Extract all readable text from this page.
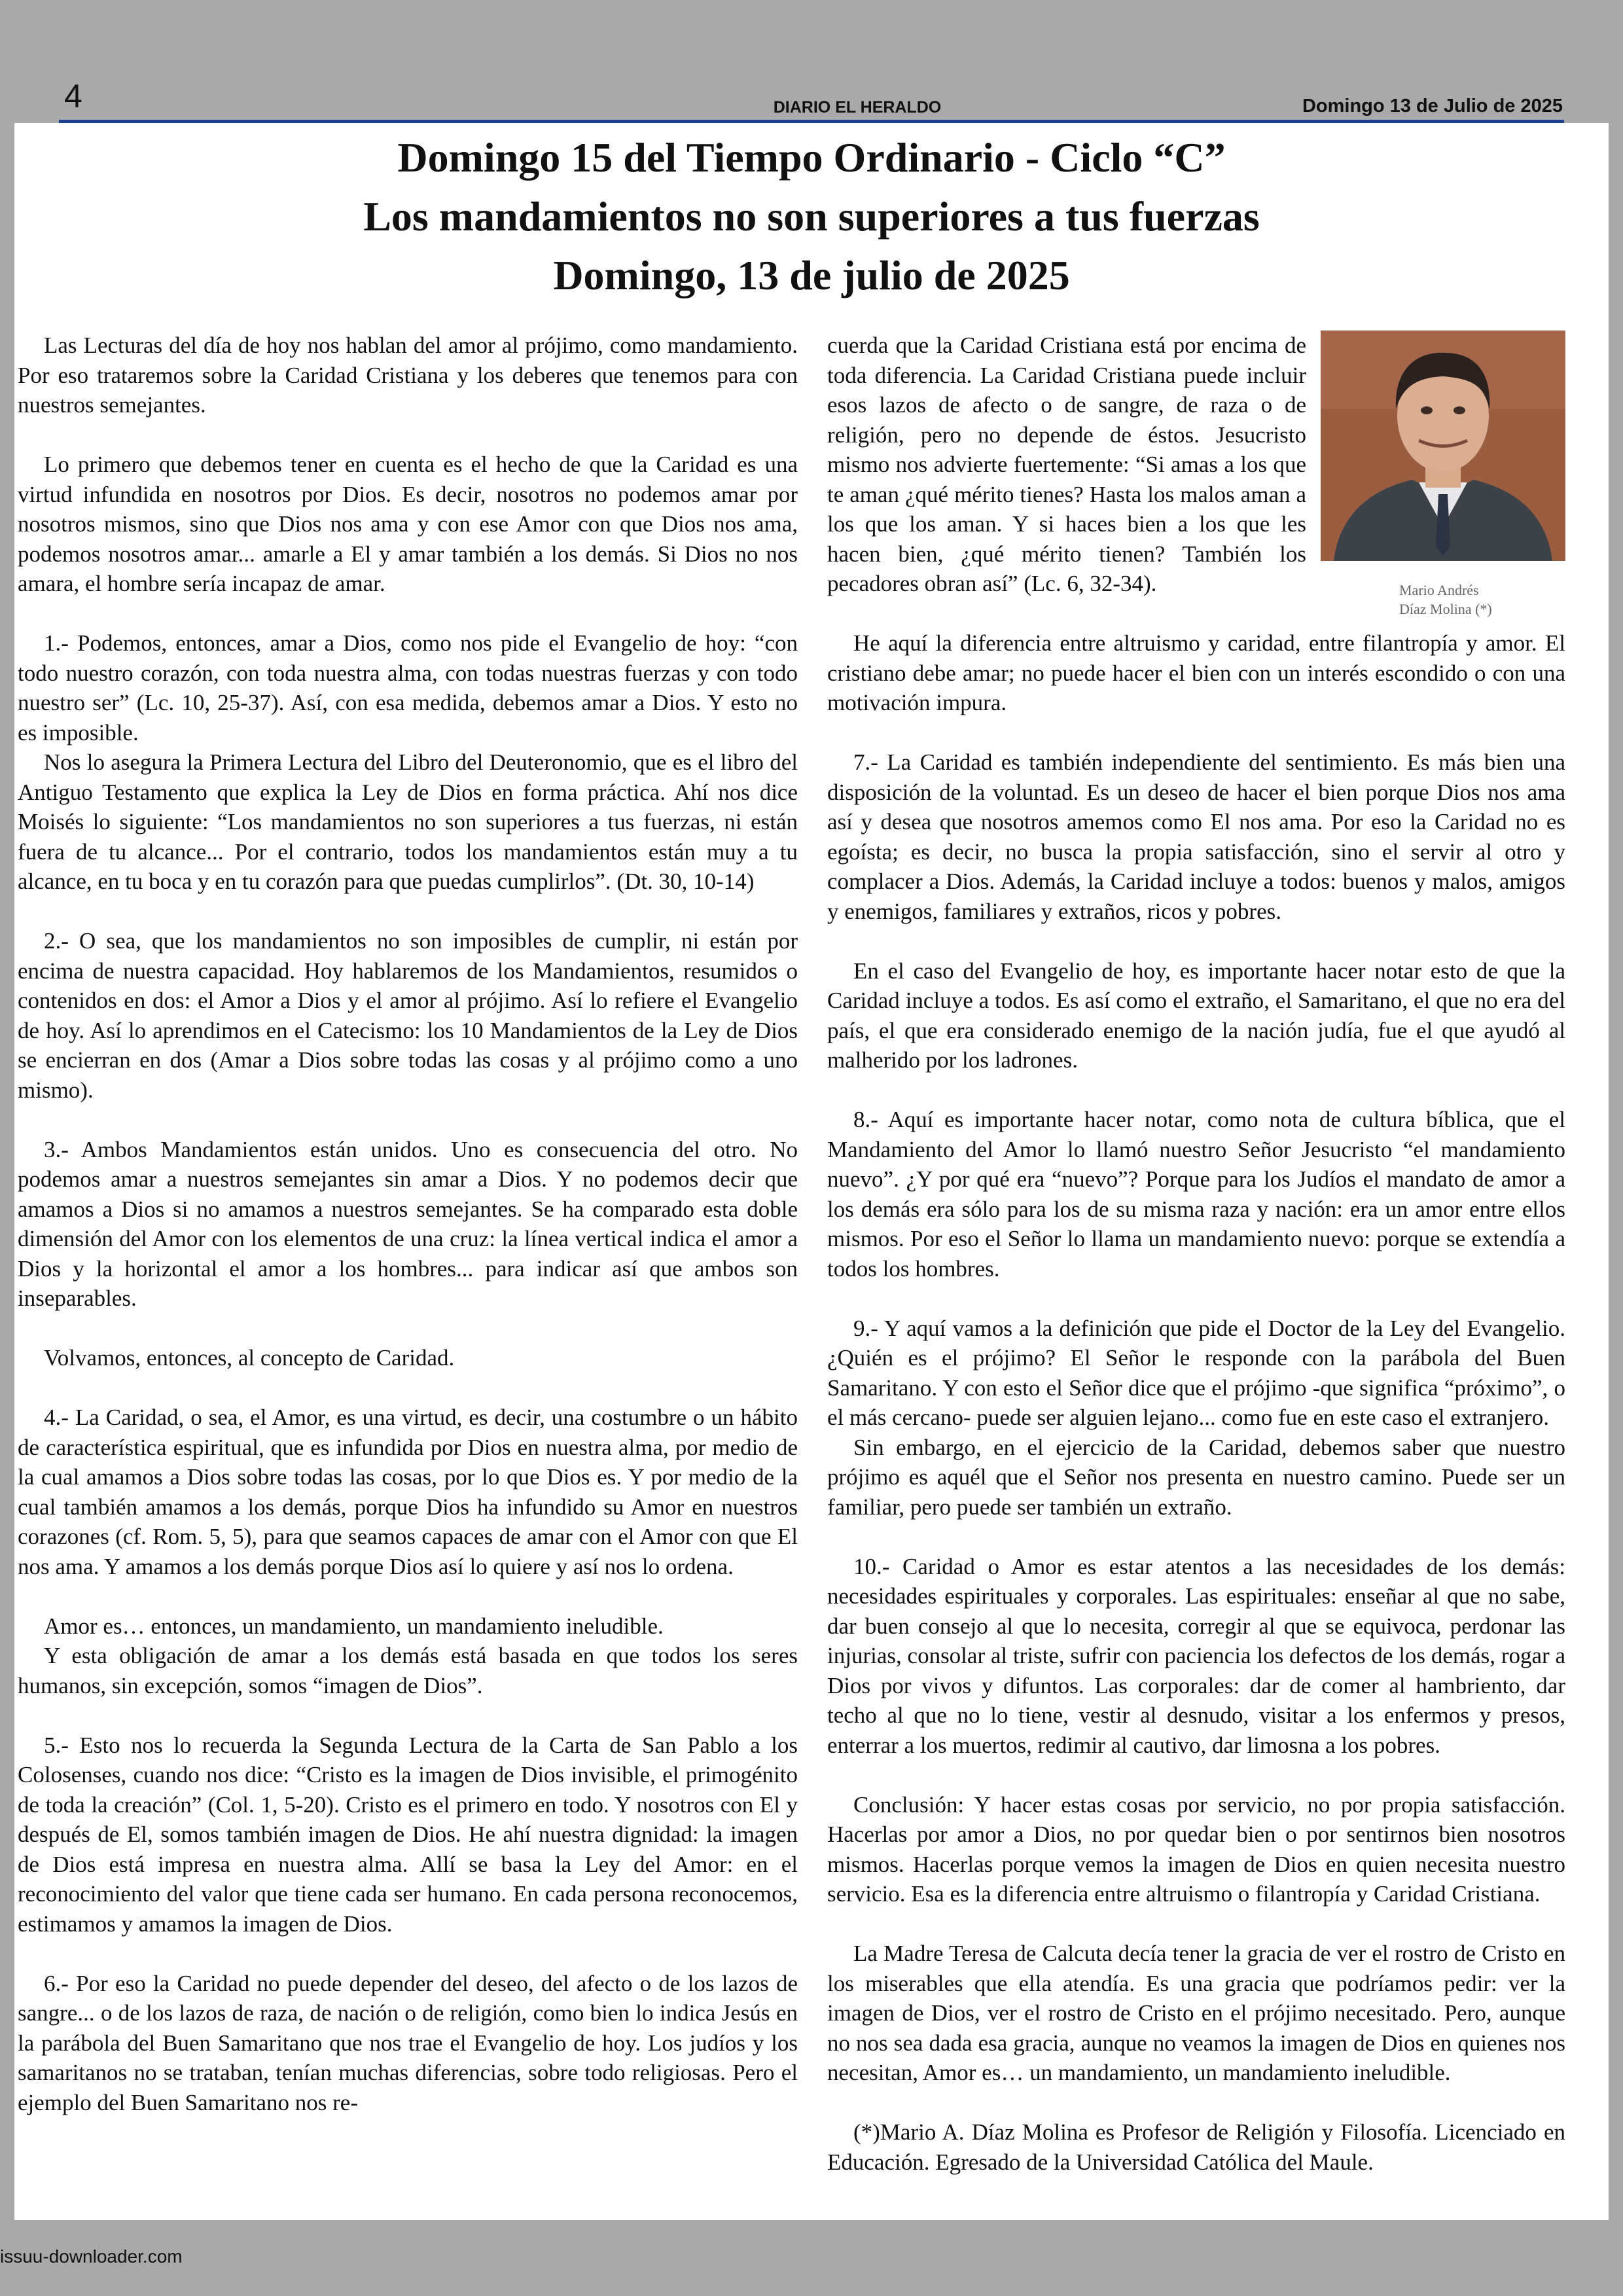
4	DIARIO EL HERALDO	Domingo 13 de Julio de 2025
Domingo 15 del Tiempo Ordinario - Ciclo “C”
Los mandamientos no son superiores a tus fuerzas
Domingo, 13 de julio de 2025

Las Lecturas del día de hoy nos hablan del amor al prójimo, como mandamiento. Por eso trataremos sobre la Caridad Cristiana y los deberes que tenemos para con nuestros semejantes.

Lo primero que debemos tener en cuenta es el hecho de que la Caridad es una virtud infundida en nosotros por Dios. Es decir, nosotros no podemos amar por nosotros mismos, sino que Dios nos ama y con ese Amor con que Dios nos ama, podemos nosotros amar... amarle a El y amar también a los demás. Si Dios no nos amara, el hombre sería incapaz de amar.

1.- Podemos, entonces, amar a Dios, como nos pide el Evangelio de hoy: “con todo nuestro corazón, con toda nuestra alma, con todas nuestras fuerzas y con todo nuestro ser” (Lc. 10, 25-37). Así, con esa medida, debemos amar a Dios. Y esto no es imposible.

Nos lo asegura la Primera Lectura del Libro del Deuteronomio, que es el libro del Antiguo Testamento que explica la Ley de Dios en forma práctica. Ahí nos dice Moisés lo siguiente: “Los mandamientos no son superiores a tus fuerzas, ni están fuera de tu alcance... Por el contrario, todos los mandamientos están muy a tu alcance, en tu boca y en tu corazón para que puedas cumplirlos”. (Dt. 30, 10-14)

2.- O sea, que los mandamientos no son imposibles de cumplir, ni están por encima de nuestra capacidad. Hoy hablaremos de los Mandamientos, resumidos o contenidos en dos: el Amor a Dios y el amor al prójimo. Así lo refiere el Evangelio de hoy. Así lo aprendimos en el Catecismo: los 10 Mandamientos de la Ley de Dios se encierran en dos (Amar a Dios sobre todas las cosas y al prójimo como a uno mismo).

3.- Ambos Mandamientos están unidos. Uno es consecuencia del otro. No podemos amar a nuestros semejantes sin amar a Dios. Y no podemos decir que amamos a Dios si no amamos a nuestros semejantes. Se ha comparado esta doble dimensión del Amor con los elementos de una cruz: la línea vertical indica el amor a Dios y la horizontal el amor a los hombres... para indicar así que ambos son inseparables.

Volvamos, entonces, al concepto de Caridad.

4.- La Caridad, o sea, el Amor, es una virtud, es decir, una costumbre o un hábito de característica espiritual, que es infundida por Dios en nuestra alma, por medio de la cual amamos a Dios sobre todas las cosas, por lo que Dios es. Y por medio de la cual también amamos a los demás, porque Dios ha infundido su Amor en nuestros corazones (cf. Rom. 5, 5), para que seamos capaces de amar con el Amor con que El nos ama. Y amamos a los demás porque Dios así lo quiere y así nos lo ordena.

Amor es… entonces, un mandamiento, un mandamiento ineludible.

Y esta obligación de amar a los demás está basada en que todos los seres humanos, sin excepción, somos “imagen de Dios”.

5.- Esto nos lo recuerda la Segunda Lectura de la Carta de San Pablo a los Colosenses, cuando nos dice: “Cristo es la imagen de Dios invisible, el primogénito de toda la creación” (Col. 1, 5-20). Cristo es el primero en todo. Y nosotros con El y después de El, somos también imagen de Dios. He ahí nuestra dignidad: la imagen de Dios está impresa en nuestra alma. Allí se basa la Ley del Amor: en el reconocimiento del valor que tiene cada ser humano. En cada persona reconocemos, estimamos y amamos la imagen de Dios.

6.- Por eso la Caridad no puede depender del deseo, del afecto o de los lazos de sangre... o de los lazos de raza, de nación o de religión, como bien lo indica Jesús en la parábola del Buen Samaritano que nos trae el Evangelio de hoy. Los judíos y los samaritanos no se trataban, tenían muchas diferencias, sobre todo religiosas. Pero el ejemplo del Buen Samaritano nos re-

Mario Andrés
Díaz Molina (*)

cuerda que la Caridad Cristiana está por encima de toda diferencia. La Caridad Cristiana puede incluir esos lazos de afecto o de sangre, de raza o de religión, pero no depende de éstos. Jesucristo mismo nos advierte fuertemente: “Si amas a los que te aman ¿qué mérito tienes? Hasta los malos aman a los que los aman. Y si haces bien a los que les hacen bien, ¿qué mérito tienen? También los pecadores obran así” (Lc. 6, 32-34).

He aquí la diferencia entre altruismo y caridad, entre filantropía y amor. El cristiano debe amar; no puede hacer el bien con un interés escondido o con una motivación impura.

7.- La Caridad es también independiente del sentimiento. Es más bien una disposición de la voluntad. Es un deseo de hacer el bien porque Dios nos ama así y desea que nosotros amemos como El nos ama. Por eso la Caridad no es egoísta; es decir, no busca la propia satisfacción, sino el servir al otro y complacer a Dios. Además, la Caridad incluye a todos: buenos y malos, amigos y enemigos, familiares y extraños, ricos y pobres.

En el caso del Evangelio de hoy, es importante hacer notar esto de que la Caridad incluye a todos. Es así como el extraño, el Samaritano, el que no era del país, el que era considerado enemigo de la nación judía, fue el que ayudó al malherido por los ladrones.

8.- Aquí es importante hacer notar, como nota de cultura bíblica, que el Mandamiento del Amor lo llamó nuestro Señor Jesucristo “el mandamiento nuevo”. ¿Y por qué era “nuevo”? Porque para los Judíos el mandato de amor a los demás era sólo para los de su misma raza y nación: era un amor entre ellos mismos. Por eso el Señor lo llama un mandamiento nuevo: porque se extendía a todos los hombres.

9.- Y aquí vamos a la definición que pide el Doctor de la Ley del Evangelio. ¿Quién es el prójimo? El Señor le responde con la parábola del Buen Samaritano. Y con esto el Señor dice que el prójimo -que significa “próximo”, o el más cercano- puede ser alguien lejano... como fue en este caso el extranjero.

Sin embargo, en el ejercicio de la Caridad, debemos saber que nuestro prójimo es aquél que el Señor nos presenta en nuestro camino. Puede ser un familiar, pero puede ser también un extraño.

10.- Caridad o Amor es estar atentos a las necesidades de los demás: necesidades espirituales y corporales. Las espirituales: enseñar al que no sabe, dar buen consejo al que lo necesita, corregir al que se equivoca, perdonar las injurias, consolar al triste, sufrir con paciencia los defectos de los demás, rogar a Dios por vivos y difuntos. Las corporales: dar de comer al hambriento, dar techo al que no lo tiene, vestir al desnudo, visitar a los enfermos y presos, enterrar a los muertos, redimir al cautivo, dar limosna a los pobres.

Conclusión: Y hacer estas cosas por servicio, no por propia satisfacción. Hacerlas por amor a Dios, no por quedar bien o por sentirnos bien nosotros mismos. Hacerlas porque vemos la imagen de Dios en quien necesita nuestro servicio. Esa es la diferencia entre altruismo o filantropía y Caridad Cristiana.

La Madre Teresa de Calcuta decía tener la gracia de ver el rostro de Cristo en los miserables que ella atendía. Es una gracia que podríamos pedir: ver la imagen de Dios, ver el rostro de Cristo en el prójimo necesitado. Pero, aunque no nos sea dada esa gracia, aunque no veamos la imagen de Dios en quienes nos necesitan, Amor es… un mandamiento, un mandamiento ineludible.

(*)Mario A. Díaz Molina es Profesor de Religión y Filosofía. Licenciado en Educación. Egresado de la Universidad Católica del Maule.

issuu-downloader.com
